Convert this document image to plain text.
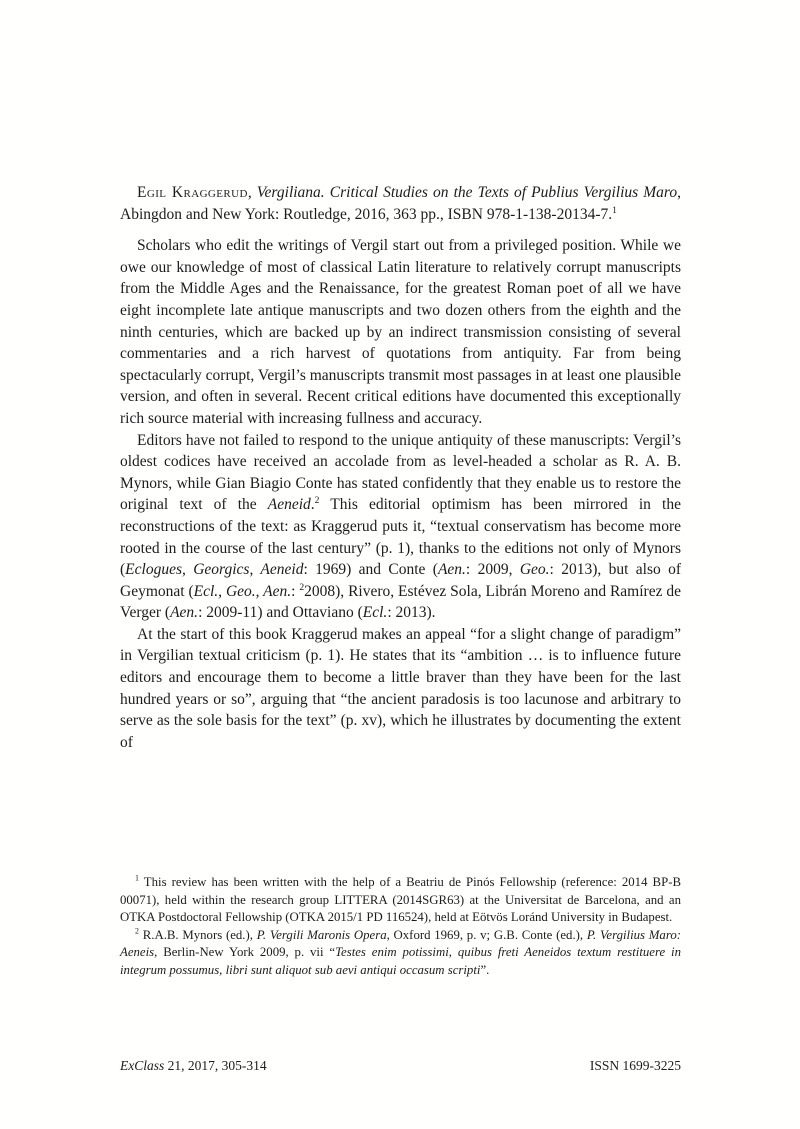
Egil Kraggerud, Vergiliana. Critical Studies on the Texts of Publius Vergilius Maro, Abingdon and New York: Routledge, 2016, 363 pp., ISBN 978-1-138-20134-7.$^1$

Scholars who edit the writings of Vergil start out from a privileged position. While we owe our knowledge of most of classical Latin literature to relatively corrupt manuscripts from the Middle Ages and the Renaissance, for the greatest Roman poet of all we have eight incomplete late antique manuscripts and two dozen others from the eighth and the ninth centuries, which are backed up by an indirect transmission consisting of several commentaries and a rich harvest of quotations from antiquity. Far from being spectacularly corrupt, Vergil’s manuscripts transmit most passages in at least one plausible version, and often in several. Recent critical editions have documented this exceptionally rich source material with increasing fullness and accuracy.

Editors have not failed to respond to the unique antiquity of these manuscripts: Vergil’s oldest codices have received an accolade from as level-headed a scholar as R. A. B. Mynors, while Gian Biagio Conte has stated confidently that they enable us to restore the original text of the Aeneid.$^2$ This editorial optimism has been mirrored in the reconstructions of the text: as Kraggerud puts it, “textual conservatism has become more rooted in the course of the last century” (p. 1), thanks to the editions not only of Mynors (Eclogues, Georgics, Aeneid: 1969) and Conte (Aen.: 2009, Geo.: 2013), but also of Geymonat (Ecl., Geo., Aen.: $^2$2008), Rivero, Estévez Sola, Librán Moreno and Ramírez de Verger (Aen.: 2009-11) and Ottaviano (Ecl.: 2013).

At the start of this book Kraggerud makes an appeal “for a slight change of paradigm” in Vergilian textual criticism (p. 1). He states that its “ambition … is to influence future editors and encourage them to become a little braver than they have been for the last hundred years or so”, arguing that “the ancient paradosis is too lacunose and arbitrary to serve as the sole basis for the text” (p. xv), which he illustrates by documenting the extent of

$^1$ This review has been written with the help of a Beatriu de Pinós Fellowship (reference: 2014 BP-B 00071), held within the research group LITTERA (2014SGR63) at the Universitat de Barcelona, and an OTKA Postdoctoral Fellowship (OTKA 2015/1 PD 116524), held at Eötvös Loránd University in Budapest.

$^2$ R.A.B. Mynors (ed.), P. Vergili Maronis Opera, Oxford 1969, p. v; G.B. Conte (ed.), P. Vergilius Maro: Aeneis, Berlin-New York 2009, p. vii “Testes enim potissimi, quibus freti Aeneidos textum restituere in integrum possumus, libri sunt aliquot sub aevi antiqui occasum scripti”.

ExClass 21, 2017, 305-314	ISSN 1699-3225
